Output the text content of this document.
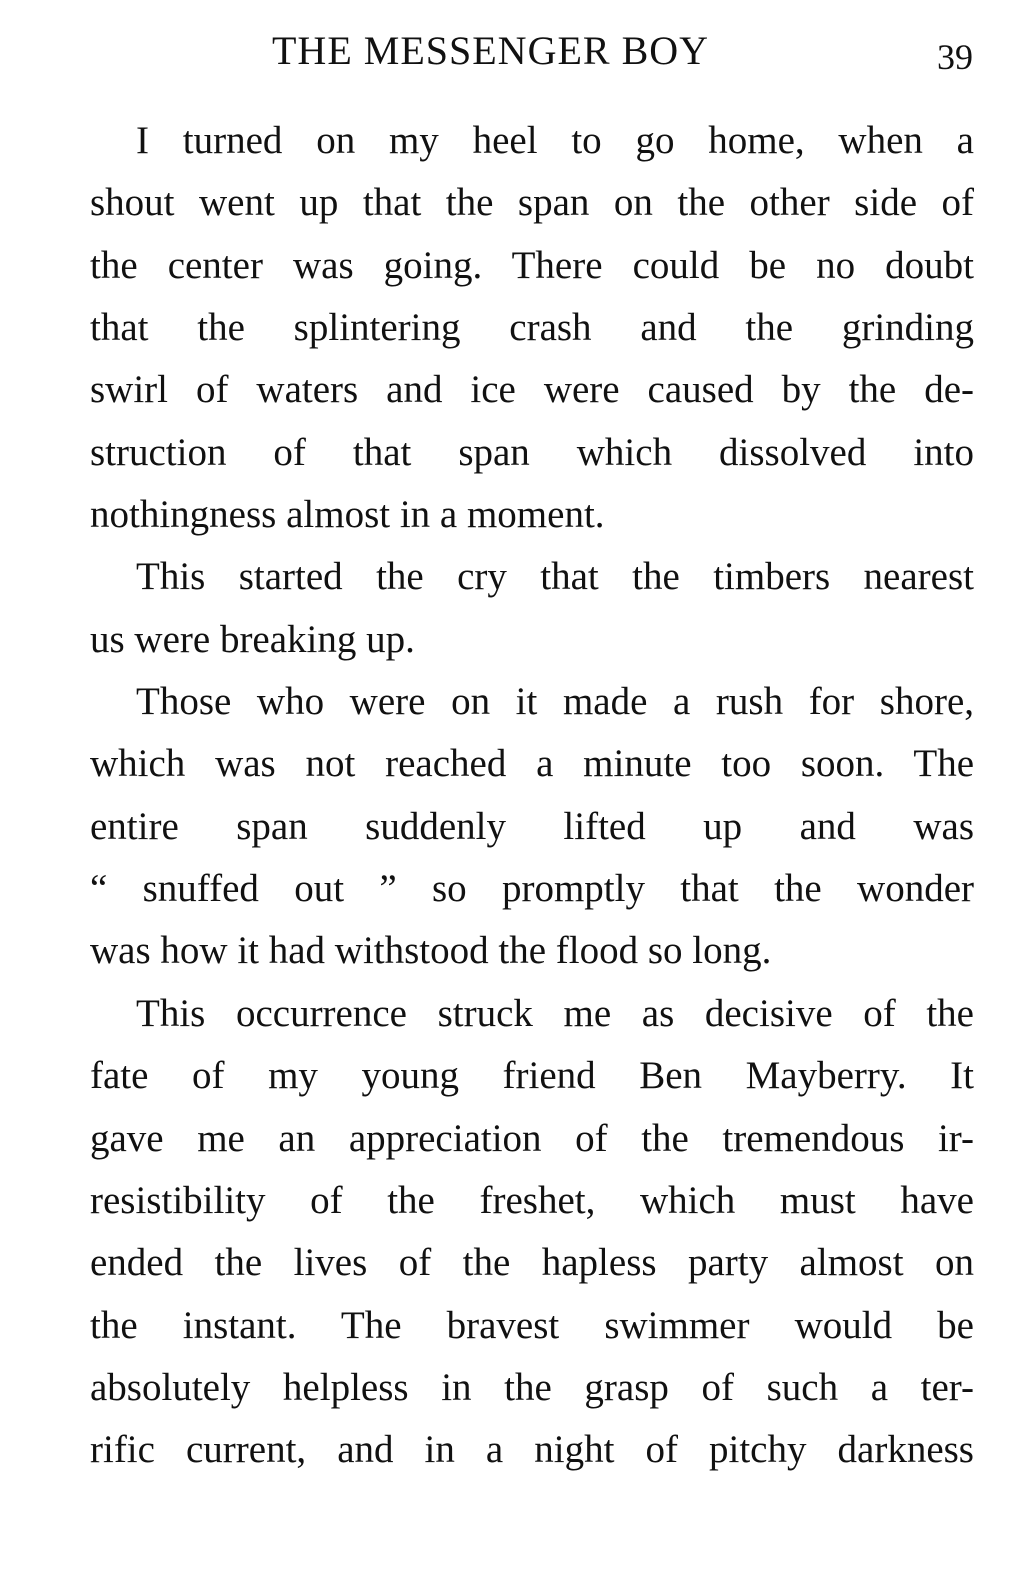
THE MESSENGER BOY	39
I turned on my heel to go home, when a
shout went up that the span on the other side of
the center was going. There could be no doubt
that the splintering crash and the grinding
swirl of waters and ice were caused by the de-
struction of that span which dissolved into
nothingness almost in a moment.
This started the cry that the timbers nearest
us were breaking up.
Those who were on it made a rush for shore,
which was not reached a minute too soon. The
entire span suddenly lifted up and was
“ snuffed out ” so promptly that the wonder
was how it had withstood the flood so long.
This occurrence struck me as decisive of the
fate of my young friend Ben Mayberry. It
gave me an appreciation of the tremendous ir-
resistibility of the freshet, which must have
ended the lives of the hapless party almost on
the instant. The bravest swimmer would be
absolutely helpless in the grasp of such a ter-
rific current, and in a night of pitchy darkness
